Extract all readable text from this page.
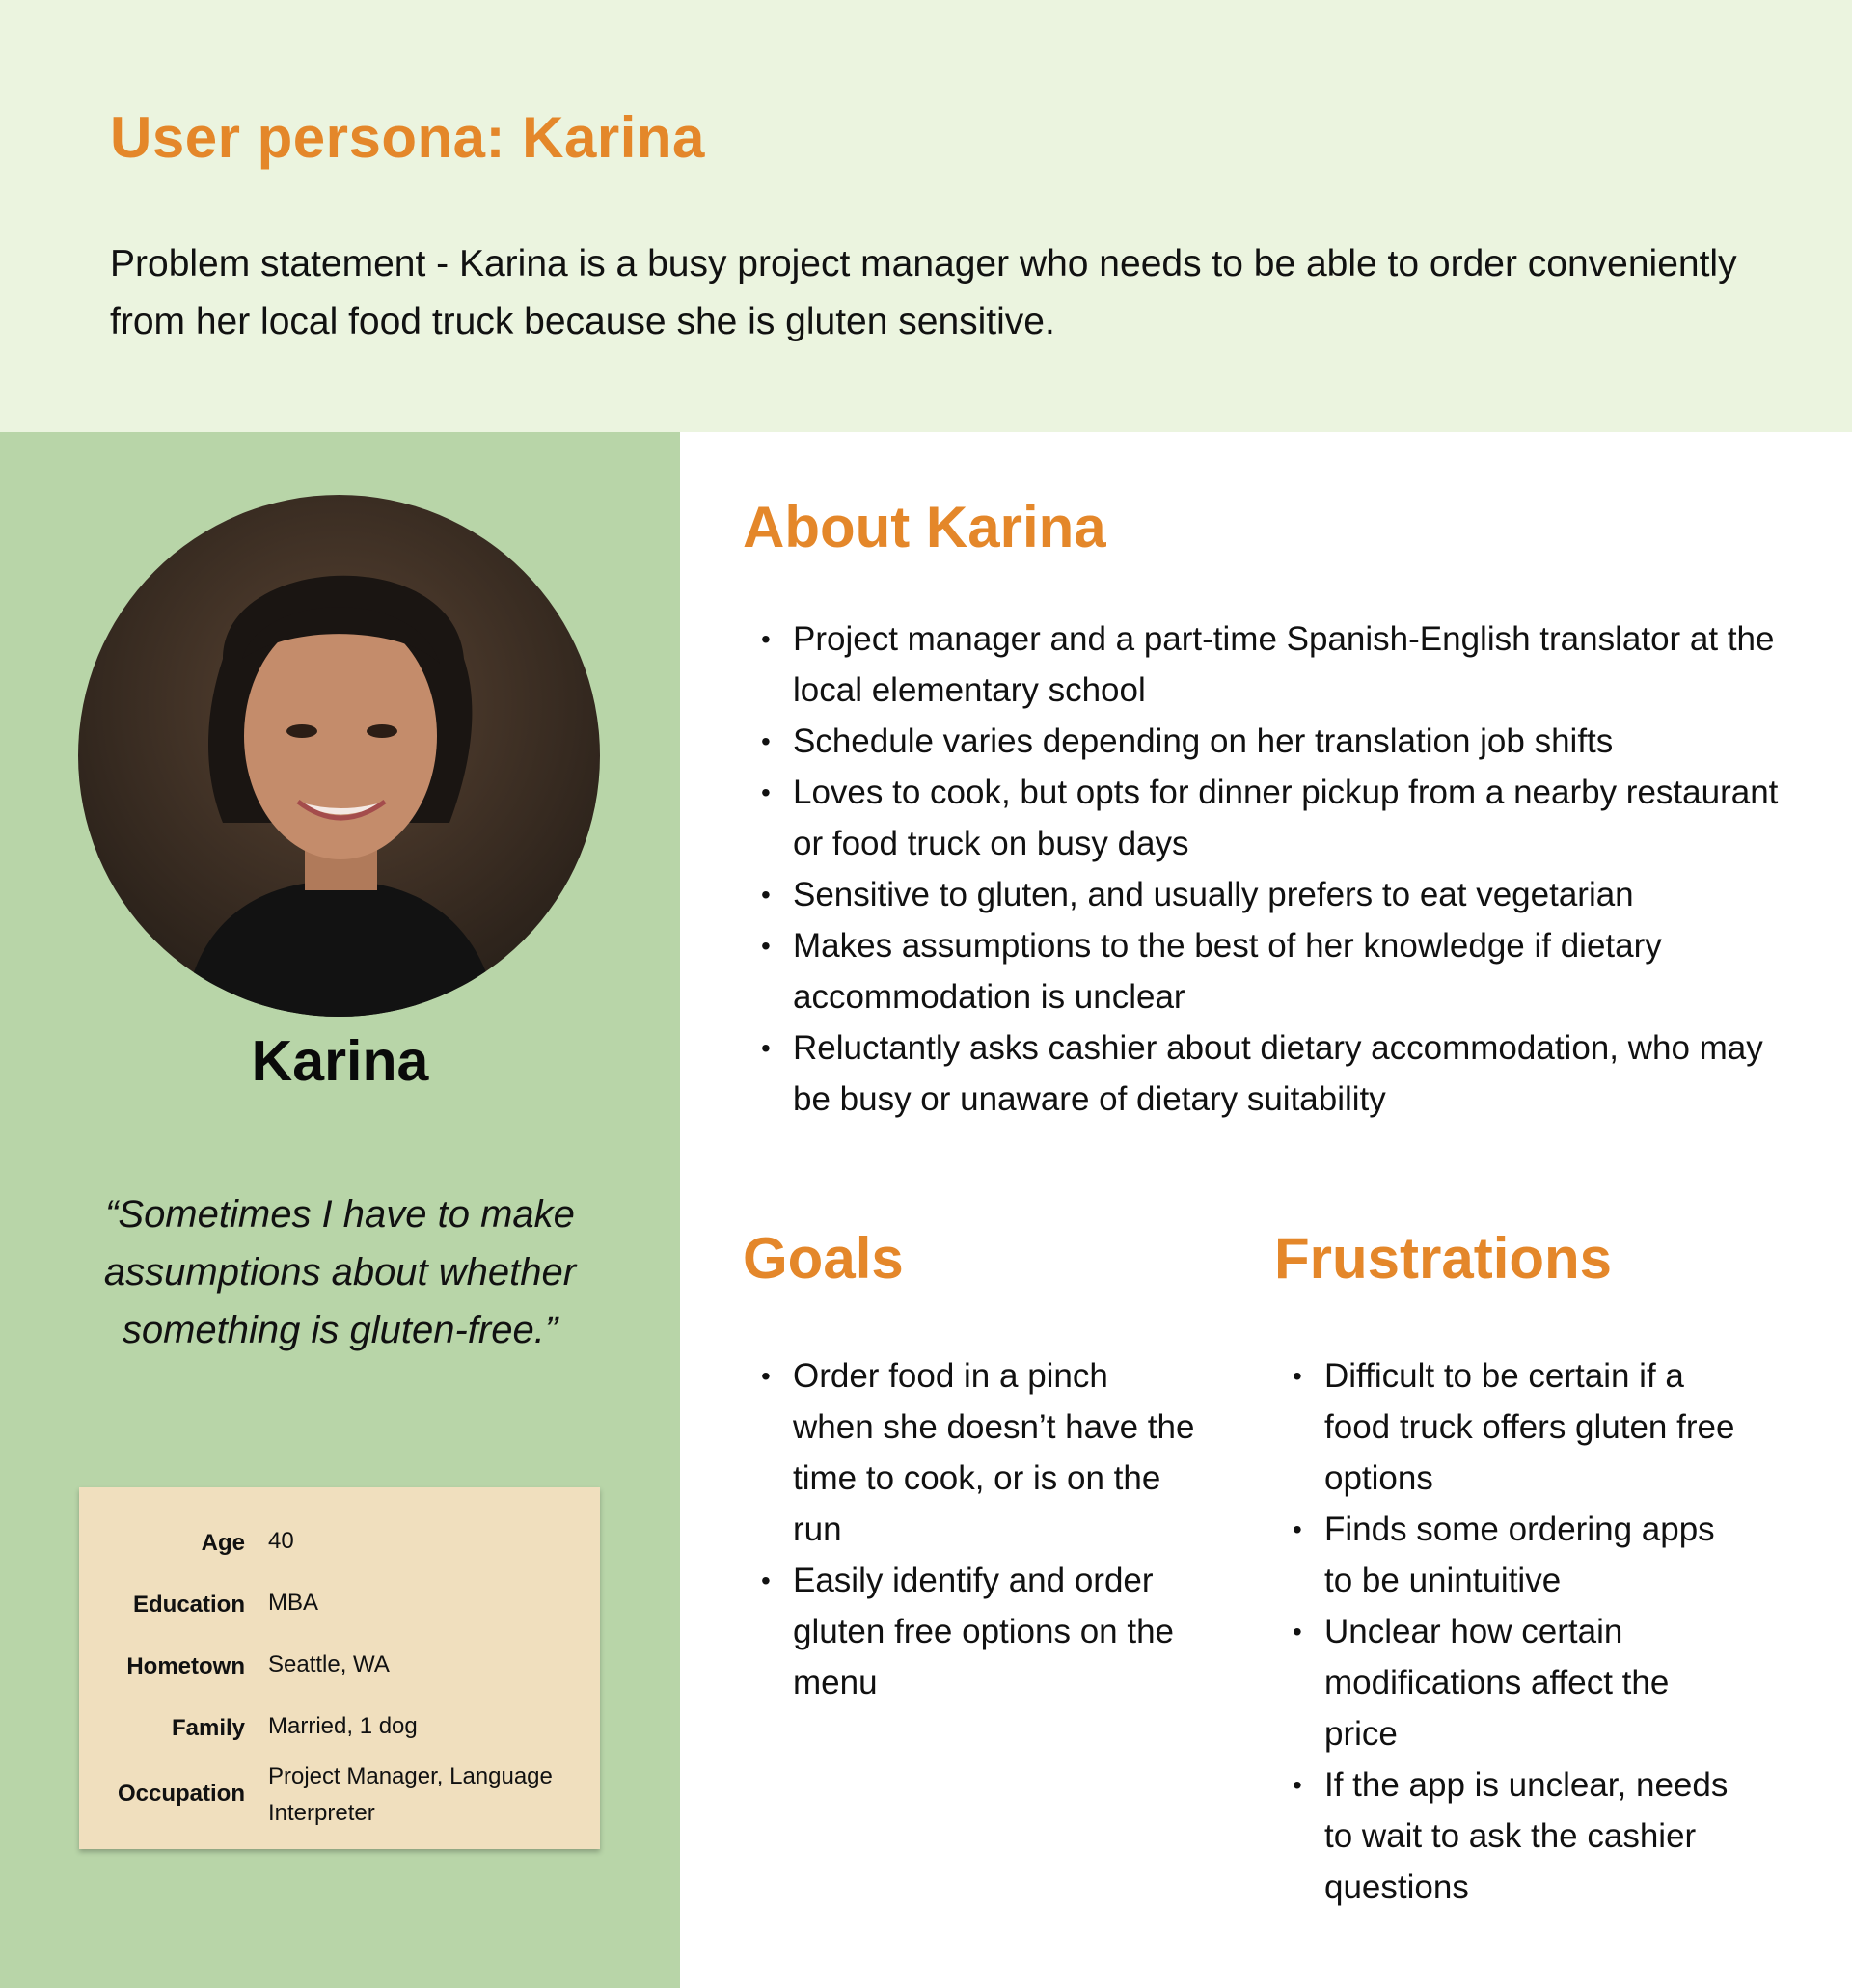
User persona: Karina

Problem statement - Karina is a busy project manager who needs to be able to order conveniently from her local food truck because she is gluten sensitive.

Karina

“Sometimes I have to make assumptions about whether something is gluten-free.”

Age 40
Education MBA
Hometown Seattle, WA
Family Married, 1 dog
Occupation
Project Manager, Language Interpreter
About Karina
• Project manager and a part-time Spanish-English translator at the local elementary school
• Schedule varies depending on her translation job shifts
• Loves to cook, but opts for dinner pickup from a nearby restaurant or food truck on busy days
• Sensitive to gluten, and usually prefers to eat vegetarian
• Makes assumptions to the best of her knowledge if dietary accommodation is unclear
• Reluctantly asks cashier about dietary accommodation, who may be busy or unaware of dietary suitability
Goals
• Order food in a pinch when she doesn’t have the time to cook, or is on the run
• Easily identify and order gluten free options on the menu
Frustrations
• Difficult to be certain if a food truck offers gluten free options
• Finds some ordering apps to be unintuitive
• Unclear how certain modifications affect the price
• If the app is unclear, needs to wait to ask the cashier questions
